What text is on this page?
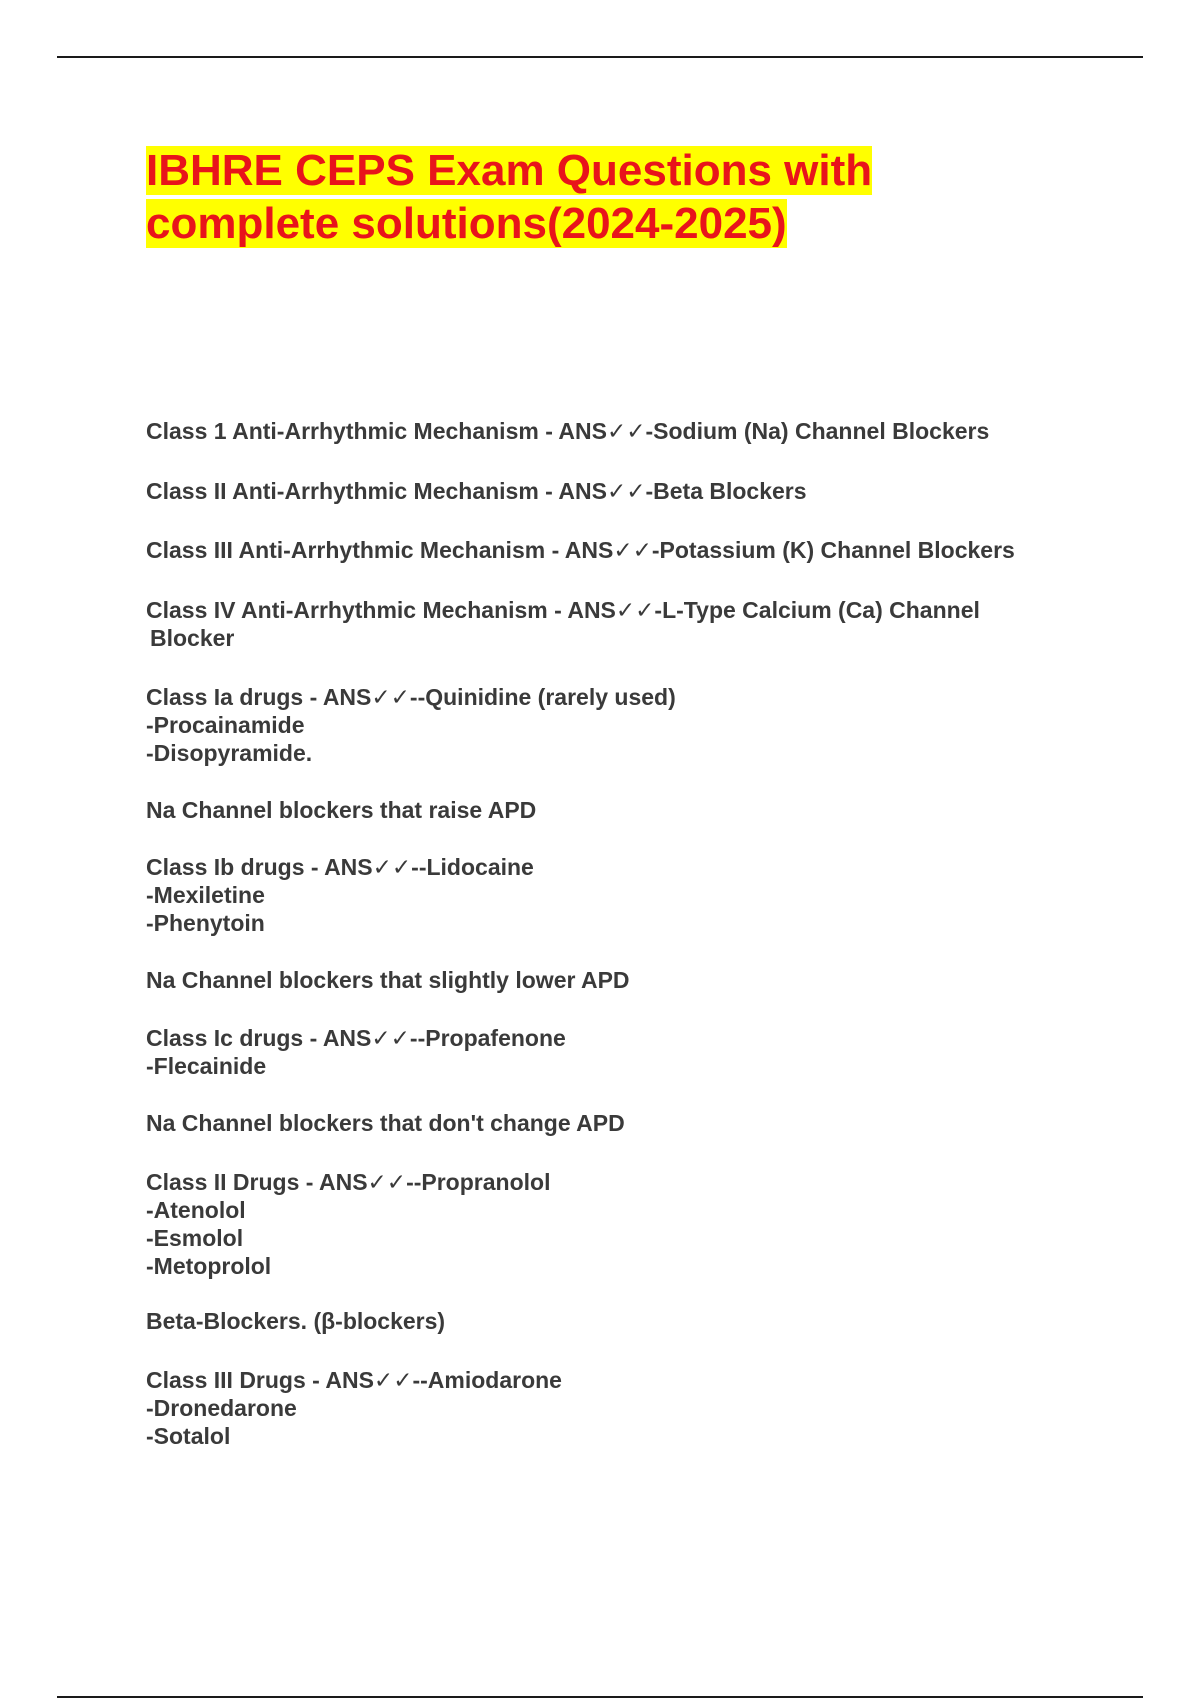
IBHRE CEPS Exam Questions with
complete solutions(2024-2025)
Class 1 Anti-Arrhythmic Mechanism - ANS✓✓-Sodium (Na) Channel Blockers
Class II Anti-Arrhythmic Mechanism - ANS✓✓-Beta Blockers
Class III Anti-Arrhythmic Mechanism - ANS✓✓-Potassium (K) Channel Blockers
Class IV Anti-Arrhythmic Mechanism - ANS✓✓-L-Type Calcium (Ca) Channel
Blocker
Class Ia drugs - ANS✓✓--Quinidine (rarely used)
-Procainamide
-Disopyramide.
Na Channel blockers that raise APD
Class Ib drugs - ANS✓✓--Lidocaine
-Mexiletine
-Phenytoin
Na Channel blockers that slightly lower APD
Class Ic drugs - ANS✓✓--Propafenone
-Flecainide
Na Channel blockers that don't change APD
Class II Drugs - ANS✓✓--Propranolol
-Atenolol
-Esmolol
-Metoprolol
Beta-Blockers. (β-blockers)
Class III Drugs - ANS✓✓--Amiodarone
-Dronedarone
-Sotalol
